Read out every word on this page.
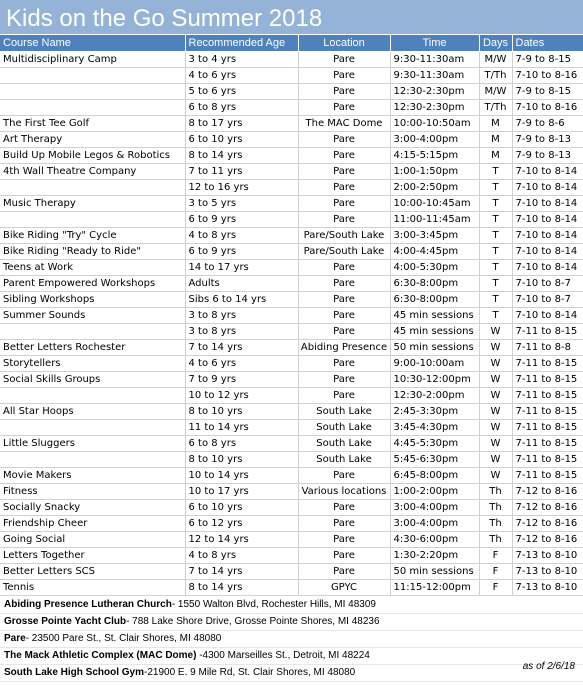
Kids on the Go Summer 2018
Course Name	Recommended Age	Location	Time	Days	Dates
Multidisciplinary Camp	3 to 4 yrs	Pare	9:30-11:30am	M/W	7-9 to 8-15
	4 to 6 yrs	Pare	9:30-11:30am	T/Th	7-10 to 8-16
	5 to 6 yrs	Pare	12:30-2:30pm	M/W	7-9 to 8-15
	6 to 8 yrs	Pare	12:30-2:30pm	T/Th	7-10 to 8-16
The First Tee Golf	8 to 17 yrs	The MAC Dome	10:00-10:50am	M	7-9 to 8-6
Art Therapy	6 to 10 yrs	Pare	3:00-4:00pm	M	7-9 to 8-13
Build Up Mobile Legos & Robotics	8 to 14 yrs	Pare	4:15-5:15pm	M	7-9 to 8-13
4th Wall Theatre Company	7 to 11 yrs	Pare	1:00-1:50pm	T	7-10 to 8-14
	12 to 16 yrs	Pare	2:00-2:50pm	T	7-10 to 8-14
Music Therapy	3 to 5 yrs	Pare	10:00-10:45am	T	7-10 to 8-14
	6 to 9 yrs	Pare	11:00-11:45am	T	7-10 to 8-14
Bike Riding "Try" Cycle	4 to 8 yrs	Pare/South Lake	3:00-3:45pm	T	7-10 to 8-14
Bike Riding "Ready to Ride"	6 to 9 yrs	Pare/South Lake	4:00-4:45pm	T	7-10 to 8-14
Teens at Work	14 to 17 yrs	Pare	4:00-5:30pm	T	7-10 to 8-14
Parent Empowered Workshops	Adults	Pare	6:30-8:00pm	T	7-10 to 8-7
Sibling Workshops	Sibs 6 to 14 yrs	Pare	6:30-8:00pm	T	7-10 to 8-7
Summer Sounds	3 to 8 yrs	Pare	45 min sessions	T	7-10 to 8-14
	3 to 8 yrs	Pare	45 min sessions	W	7-11 to 8-15
Better Letters Rochester	7 to 14 yrs	Abiding Presence	50 min sessions	W	7-11 to 8-8
Storytellers	4 to 6 yrs	Pare	9:00-10:00am	W	7-11 to 8-15
Social Skills Groups	7 to 9 yrs	Pare	10:30-12:00pm	W	7-11 to 8-15
	10 to 12 yrs	Pare	12:30-2:00pm	W	7-11 to 8-15
All Star Hoops	8 to 10 yrs	South Lake	2:45-3:30pm	W	7-11 to 8-15
	11 to 14 yrs	South Lake	3:45-4:30pm	W	7-11 to 8-15
Little Sluggers	6 to 8 yrs	South Lake	4:45-5:30pm	W	7-11 to 8-15
	8 to 10 yrs	South Lake	5:45-6:30pm	W	7-11 to 8-15
Movie Makers	10 to 14 yrs	Pare	6:45-8:00pm	W	7-11 to 8-15
Fitness	10 to 17 yrs	Various locations	1:00-2:00pm	Th	7-12 to 8-16
Socially Snacky	6 to 10 yrs	Pare	3:00-4:00pm	Th	7-12 to 8-16
Friendship Cheer	6 to 12 yrs	Pare	3:00-4:00pm	Th	7-12 to 8-16
Going Social	12 to 14 yrs	Pare	4:30-6:00pm	Th	7-12 to 8-16
Letters Together	4 to 8 yrs	Pare	1:30-2:20pm	F	7-13 to 8-10
Better Letters SCS	7 to 14 yrs	Pare	50 min sessions	F	7-13 to 8-10
Tennis	8 to 14 yrs	GPYC	11:15-12:00pm	F	7-13 to 8-10
Abiding Presence Lutheran Church- 1550 Walton Blvd, Rochester Hills, MI 48309
Grosse Pointe Yacht Club- 788 Lake Shore Drive, Grosse Pointe Shores, MI 48236
Pare- 23500 Pare St., St. Clair Shores, MI 48080
The Mack Athletic Complex (MAC Dome) -4300 Marseilles St., Detroit, MI 48224
South Lake High School Gym-21900 E. 9 Mile Rd, St. Clair Shores, MI 48080
as of 2/6/18
